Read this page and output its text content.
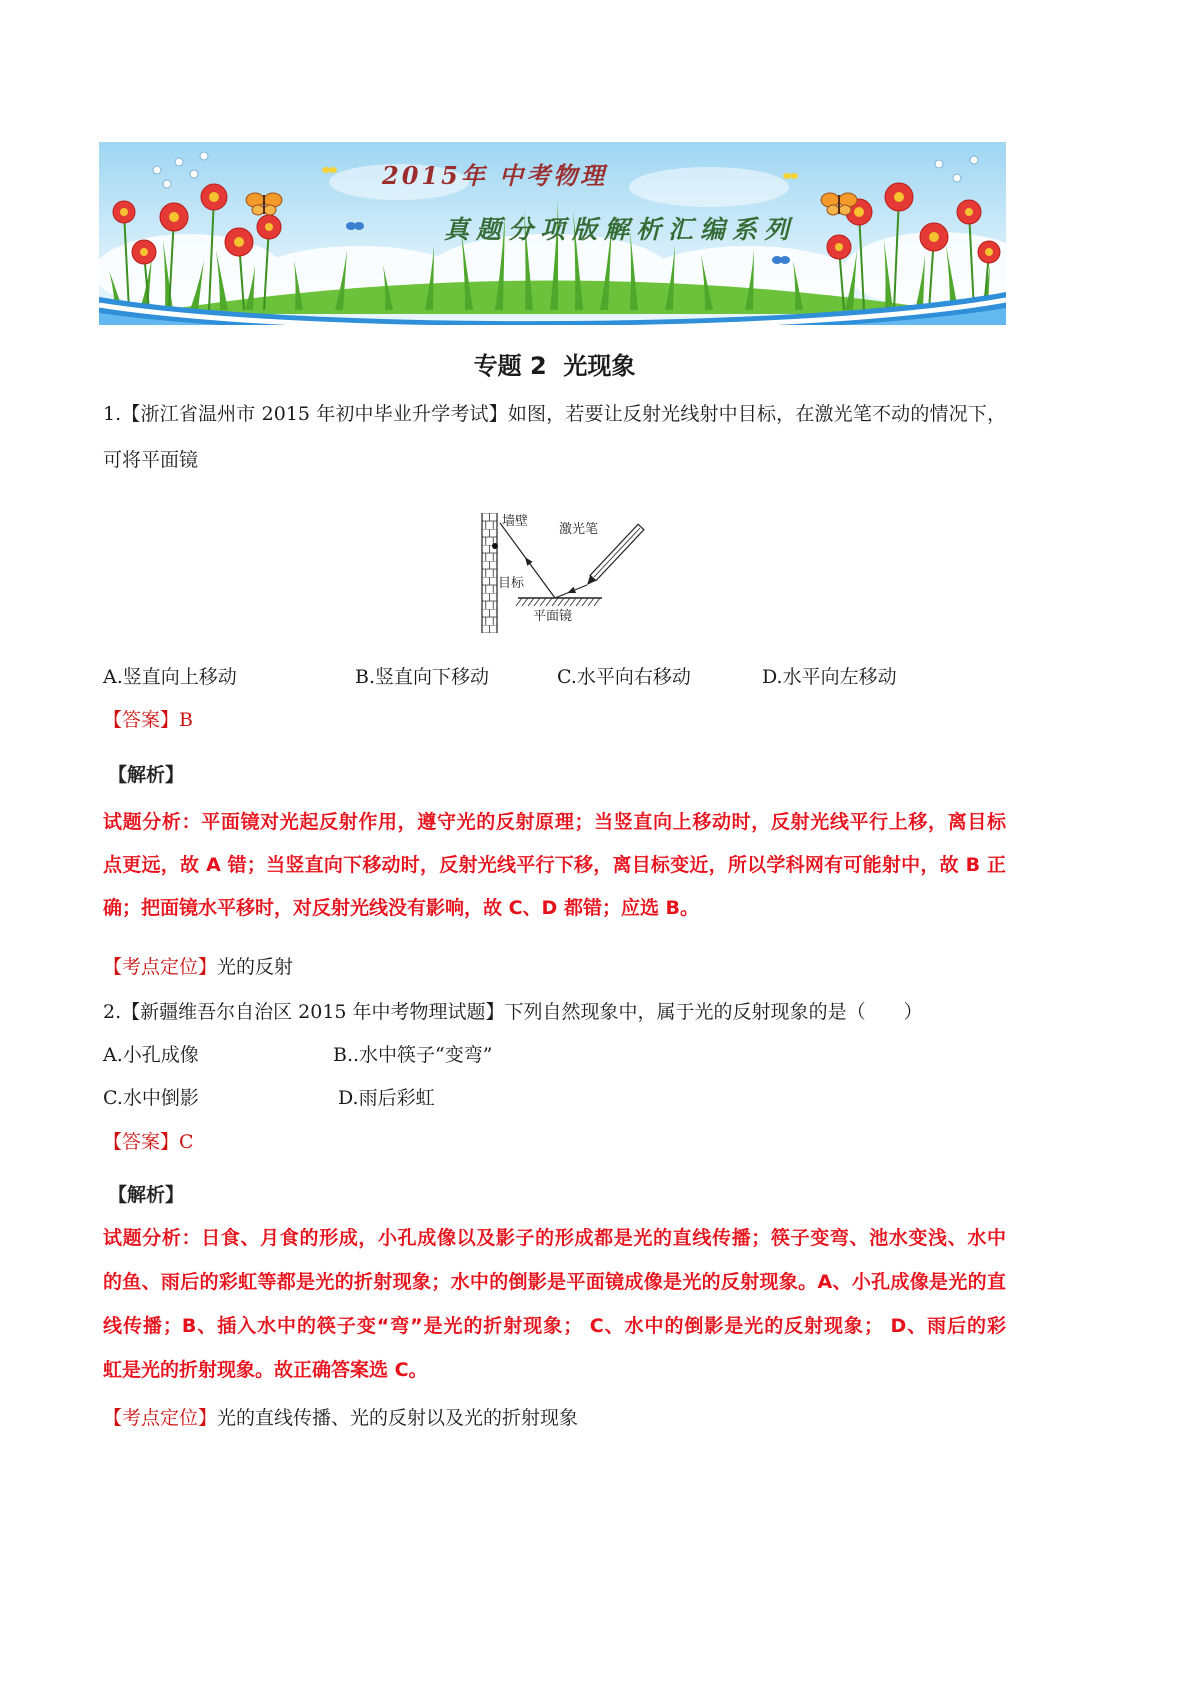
2015年 中考物理
真题分项版解析汇编系列
专题 2  光现象
1.【浙江省温州市 2015 年初中毕业升学考试】如图，若要让反射光线射中目标，在激光笔不动的情况下，
可将平面镜
墙壁
激光笔
目标
平面镜
A.竖直向上移动	B.竖直向下移动	C.水平向右移动	D.水平向左移动
【答案】B
【解析】
试题分析：平面镜对光起反射作用，遵守光的反射原理；当竖直向上移动时，反射光线平行上移，离目标
点更远，故 A 错；当竖直向下移动时，反射光线平行下移，离目标变近，所以学科网有可能射中，故 B 正
确；把面镜水平移时，对反射光线没有影响，故 C、D 都错；应选 B。
【考点定位】光的反射
2.【新疆维吾尔自治区 2015 年中考物理试题】下列自然现象中，属于光的反射现象的是（　　）
A.小孔成像	B..水中筷子“变弯”
C.水中倒影	D.雨后彩虹
【答案】C
【解析】
试题分析：日食、月食的形成，小孔成像以及影子的形成都是光的直线传播；筷子变弯、池水变浅、水中
的鱼、雨后的彩虹等都是光的折射现象；水中的倒影是平面镜成像是光的反射现象。A、小孔成像是光的直
线传播；B、插入水中的筷子变“弯”是光的折射现象； C、水中的倒影是光的反射现象； D、雨后的彩
虹是光的折射现象。故正确答案选 C。
【考点定位】光的直线传播、光的反射以及光的折射现象
